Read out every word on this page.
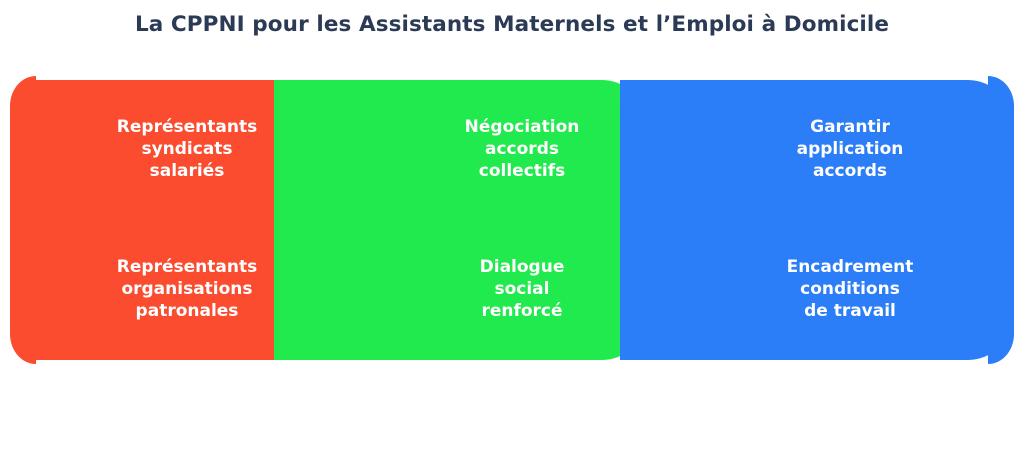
La CPPNI pour les Assistants Maternels et l’Emploi à Domicile
Représentants
syndicats
salariés
Négociation
accords
collectifs
Garantir
application
accords
Représentants
organisations
patronales
Dialogue
social
renforcé
Encadrement
conditions
de travail
